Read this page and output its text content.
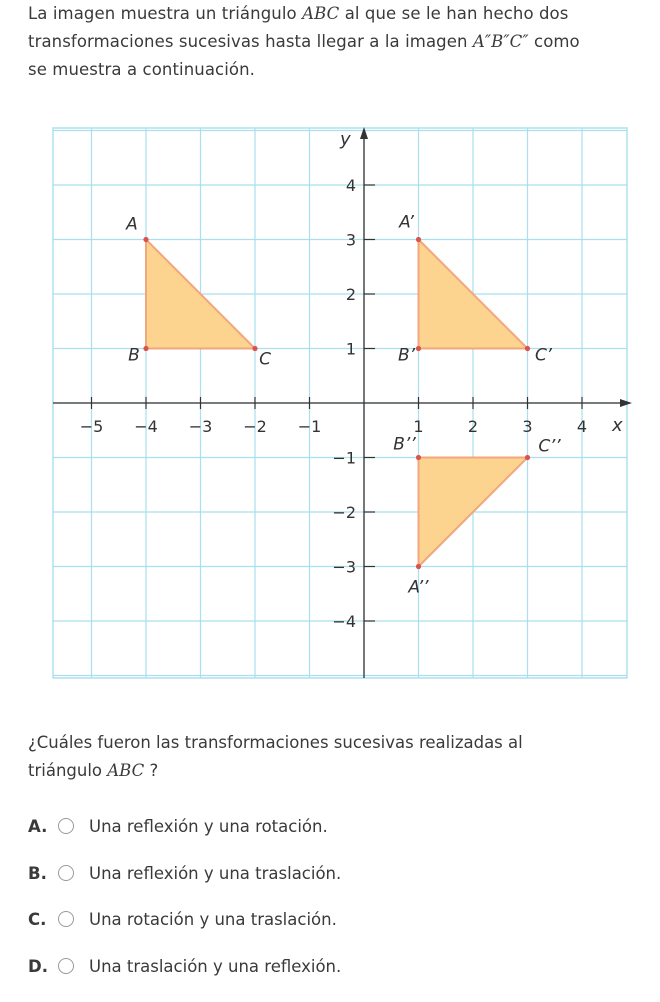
La imagen muestra un triángulo ABC al que se le han hecho dos
transformaciones sucesivas hasta llegar a la imagen A″B″C″ como
se muestra a continuación.
x
y
−5 −4 −3 −2 −1	1	2	3	4
4
3
2
1
−1
−2
−3
−4
A
B	C
A’
B’	C’
A’’
B’’	C’’
¿Cuáles fueron las transformaciones sucesivas realizadas al
triángulo ABC ?
A.	Una reflexión y una rotación.
B.	Una reflexión y una traslación.
C.	Una rotación y una traslación.
D.	Una traslación y una reflexión.
